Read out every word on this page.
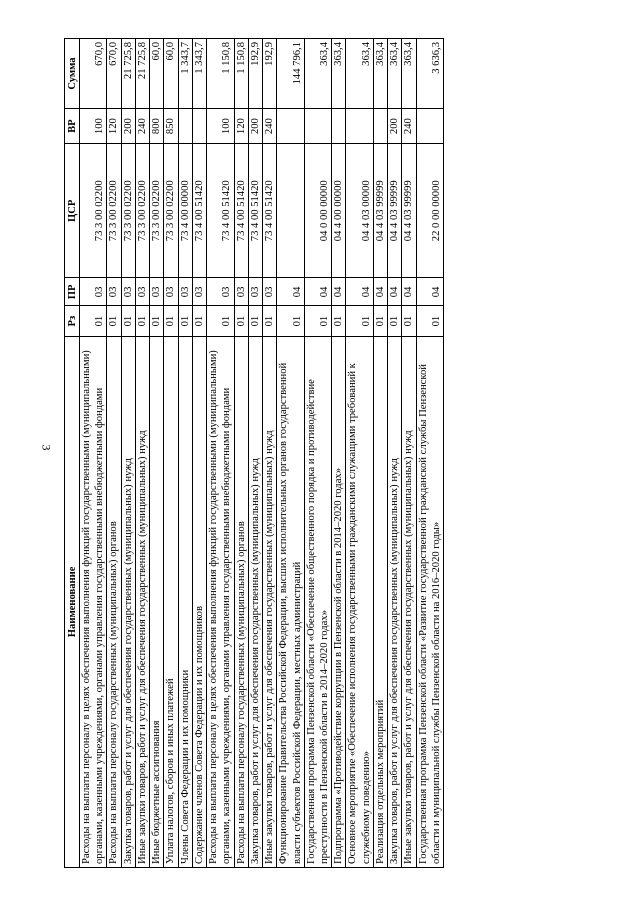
3
Наименование	Рз	ПР	ЦСР	ВР	Сумма
Расходы на выплаты персоналу в целях обеспечения выполнения функций государственными (муниципальными) органами, казенными учреждениями, органами управления государственными внебюджетными фондами	01	03	73 3 00 02200	100	670,0
Расходы на выплаты персоналу государственных (муниципальных) органов	01	03	73 3 00 02200	120	670,0
Закупка товаров, работ и услуг для обеспечения государственных (муниципальных) нужд	01	03	73 3 00 02200	200	21 725,8
Иные закупки товаров, работ и услуг для обеспечения государственных (муниципальных) нужд	01	03	73 3 00 02200	240	21 725,8
Иные бюджетные ассигнования	01	03	73 3 00 02200	800	60,0
Уплата налогов, сборов и иных платежей	01	03	73 3 00 02200	850	60,0
Члены Совета Федерации и их помощники	01	03	73 4 00 00000		1 343,7
Содержание членов Совета Федерации и их помощников	01	03	73 4 00 51420		1 343,7
Расходы на выплаты персоналу в целях обеспечения выполнения функций государственными (муниципальными) органами, казенными учреждениями, органами управления государственными внебюджетными фондами	01	03	73 4 00 51420	100	1 150,8
Расходы на выплаты персоналу государственных (муниципальных) органов	01	03	73 4 00 51420	120	1 150,8
Закупка товаров, работ и услуг для обеспечения государственных (муниципальных) нужд	01	03	73 4 00 51420	200	192,9
Иные закупки товаров, работ и услуг для обеспечения государственных (муниципальных) нужд	01	03	73 4 00 51420	240	192,9
Функционирование Правительства Российской Федерации, высших исполнительных органов государственной власти субъектов Российской Федерации, местных администраций	01	04			144 796,1
Государственная программа Пензенской области «Обеспечение общественного порядка и противодействие преступности в Пензенской области в 2014–2020 годах»	01	04	04 0 00 00000		363,4
Подпрограмма «Противодействие коррупции в Пензенской области в 2014–2020 годах»	01	04	04 4 00 00000		363,4
Основное мероприятие «Обеспечение исполнения государственными гражданскими служащими требований к служебному поведению»	01	04	04 4 03 00000		363,4
Реализация отдельных мероприятий	01	04	04 4 03 99999		363,4
Закупка товаров, работ и услуг для обеспечения государственных (муниципальных) нужд	01	04	04 4 03 99999	200	363,4
Иные закупки товаров, работ и услуг для обеспечения государственных (муниципальных) нужд	01	04	04 4 03 99999	240	363,4
Государственная программа Пензенской области «Развитие государственной гражданской службы Пензенской области и муниципальной службы Пензенской области на 2016–2020 годы»	01	04	22 0 00 00000		3 636,3
